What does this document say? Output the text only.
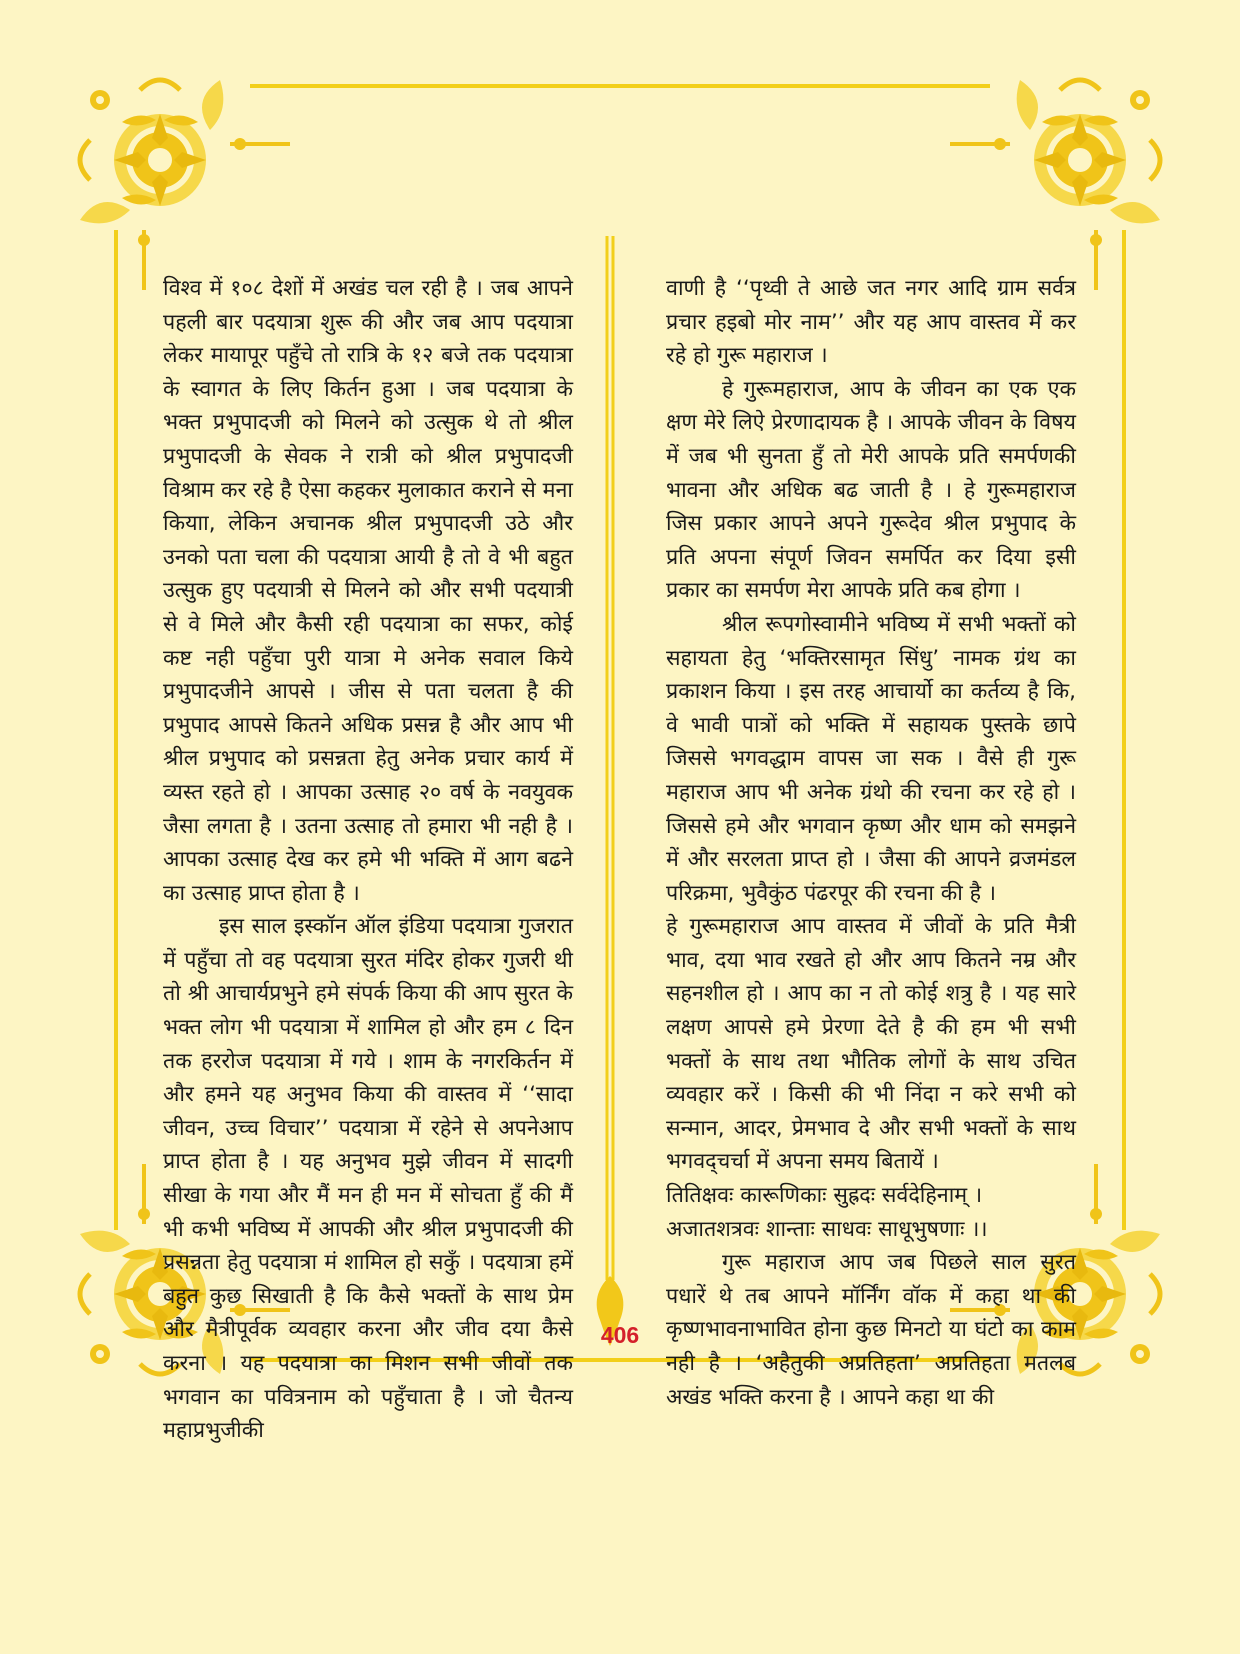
विश्व में १०८ देशों में अखंड चल रही है । जब आपने पहली बार पदयात्रा शुरू की और जब आप पदयात्रा लेकर मायापूर पहुँचे तो रात्रि के १२ बजे तक पदयात्रा के स्वागत के लिए किर्तन हुआ । जब पदयात्रा के भक्त प्रभुपादजी को मिलने को उत्सुक थे तो श्रील प्रभुपादजी के सेवक ने रात्री को श्रील प्रभुपादजी विश्राम कर रहे है ऐसा कहकर मुलाकात कराने से मना कियाा, लेकिन अचानक श्रील प्रभुपादजी उठे और उनको पता चला की पदयात्रा आयी है तो वे भी बहुत उत्सुक हुए पदयात्री से मिलने को और सभी पदयात्री से वे मिले और कैसी रही पदयात्रा का सफर, कोई कष्ट नही पहुँचा पुरी यात्रा मे अनेक सवाल किये प्रभुपादजीने आपसे । जीस से पता चलता है की प्रभुपाद आपसे कितने अधिक प्रसन्न है और आप भी श्रील प्रभुपाद को प्रसन्नता हेतु अनेक प्रचार कार्य में व्यस्त रहते हो । आपका उत्साह २० वर्ष के नवयुवक जैसा लगता है । उतना उत्साह तो हमारा भी नही है । आपका उत्साह देख कर हमे भी भक्ति में आग बढने का उत्साह प्राप्त होता है ।

इस साल इस्कॉन ऑल इंडिया पदयात्रा गुजरात में पहुँचा तो वह पदयात्रा सुरत मंदिर होकर गुजरी थी तो श्री आचार्यप्रभुने हमे संपर्क किया की आप सुरत के भक्त लोग भी पदयात्रा में शामिल हो और हम ८ दिन तक हररोज पदयात्रा में गये । शाम के नगरकिर्तन में और हमने यह अनुभव किया की वास्तव में ‘‘सादा जीवन, उच्च विचार’’ पदयात्रा में रहेने से अपनेआप प्राप्त होता है । यह अनुभव मुझे जीवन में सादगी सीखा के गया और मैं मन ही मन में सोचता हुँ की मैं भी कभी भविष्य में आपकी और श्रील प्रभुपादजी की प्रसन्नता हेतु पदयात्रा मं शामिल हो सकुँ । पदयात्रा हमें बहुत कुछ सिखाती है कि कैसे भक्तों के साथ प्रेम और मैत्रीपूर्वक व्यवहार करना और जीव दया कैसे करना । यह पदयात्रा का मिशन सभी जीवों तक भगवान का पवित्रनाम को पहुँचाता है । जो चैतन्य महाप्रभुजीकी

वाणी है ‘‘पृथ्वी ते आछे जत नगर आदि ग्राम सर्वत्र प्रचार हइबो मोर नाम’’ और यह आप वास्तव में कर रहे हो गुरू महाराज ।

हे गुरूमहाराज, आप के जीवन का एक एक क्षण मेरे लिऐ प्रेरणादायक है । आपके जीवन के विषय में जब भी सुनता हुँ तो मेरी आपके प्रति समर्पणकी भावना और अधिक बढ जाती है । हे गुरूमहाराज जिस प्रकार आपने अपने गुरूदेव श्रील प्रभुपाद के प्रति अपना संपूर्ण जिवन समर्पित कर दिया इसी प्रकार का समर्पण मेरा आपके प्रति कब होगा ।

श्रील रूपगोस्वामीने भविष्य में सभी भक्तों को सहायता हेतु ‘भक्तिरसामृत सिंधु’ नामक ग्रंथ का प्रकाशन किया । इस तरह आचार्यो का कर्तव्य है कि, वे भावी पात्रों को भक्ति में सहायक पुस्तके छापे जिससे भगवद्धाम वापस जा सक । वैसे ही गुरू महाराज आप भी अनेक ग्रंथो की रचना कर रहे हो । जिससे हमे और भगवान कृष्ण और धाम को समझने में और सरलता प्राप्त हो । जैसा की आपने व्रजमंडल परिक्रमा, भुवैकुंठ पंढरपूर की रचना की है ।

हे गुरूमहाराज आप वास्तव में जीवों के प्रति मैत्री भाव, दया भाव रखते हो और आप कितने नम्र और सहनशील हो । आप का न तो कोई शत्रु है । यह सारे लक्षण आपसे हमे प्रेरणा देते है की हम भी सभी भक्तों के साथ तथा भौतिक लोगों के साथ उचित व्यवहार करें । किसी की भी निंदा न करे सभी को सन्मान, आदर, प्रेमभाव दे और सभी भक्तों के साथ भगवद्चर्चा में अपना समय बितायें ।

तितिक्षवः कारूणिकाः सुह्रदः सर्वदेहिनाम् ।

अजातशत्रवः शान्ताः साधवः साधूभुषणाः ।।

गुरू महाराज आप जब पिछले साल सुरत पधारें थे तब आपने मॉर्निंग वॉक में कहा था की कृष्णभावनाभावित होना कुछ मिनटो या घंटो का काम नही है । ‘अहैतुकी अप्रतिहता’ अप्रतिहता मतलब अखंड भक्ति करना है । आपने कहा था की

406
